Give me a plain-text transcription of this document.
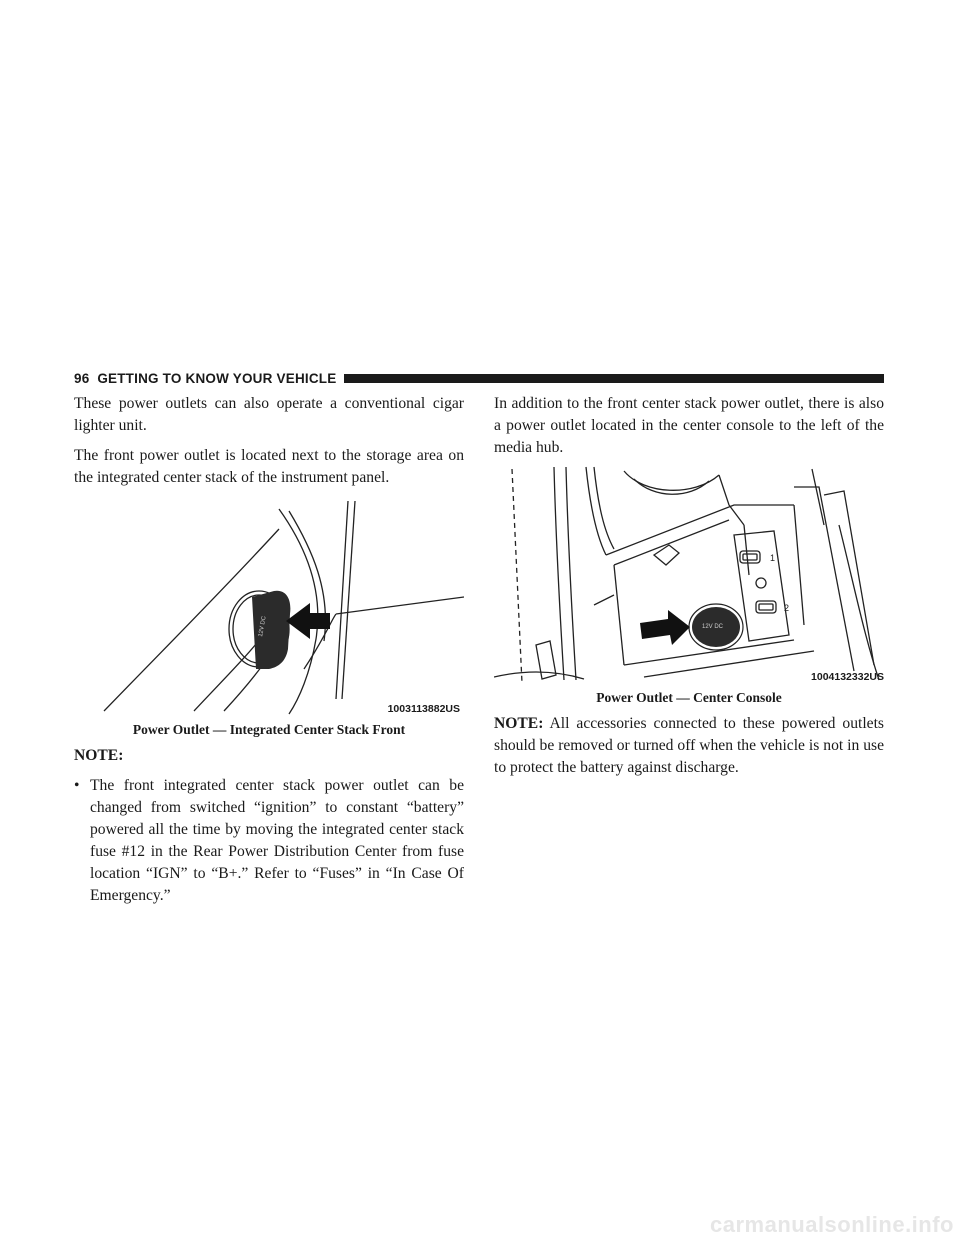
96 GETTING TO KNOW YOUR VEHICLE

These power outlets can also operate a conventional cigar lighter unit.

The front power outlet is located next to the storage area on the integrated center stack of the instrument panel.

12V DC
1003113882US
Power Outlet — Integrated Center Stack Front
NOTE:
• The front integrated center stack power outlet can be changed from switched “ignition” to constant “battery” powered all the time by moving the integrated center stack fuse #12 in the Rear Power Distribution Center from fuse location “IGN” to “B+.” Refer to “Fuses” in “In Case Of Emergency.”

In addition to the front center stack power outlet, there is also a power outlet located in the center console to the left of the media hub.

1
2
12V DC
1004132332US
Power Outlet — Center Console

NOTE: All accessories connected to these powered outlets should be removed or turned off when the vehicle is not in use to protect the battery against discharge.

carmanualsonline.info
